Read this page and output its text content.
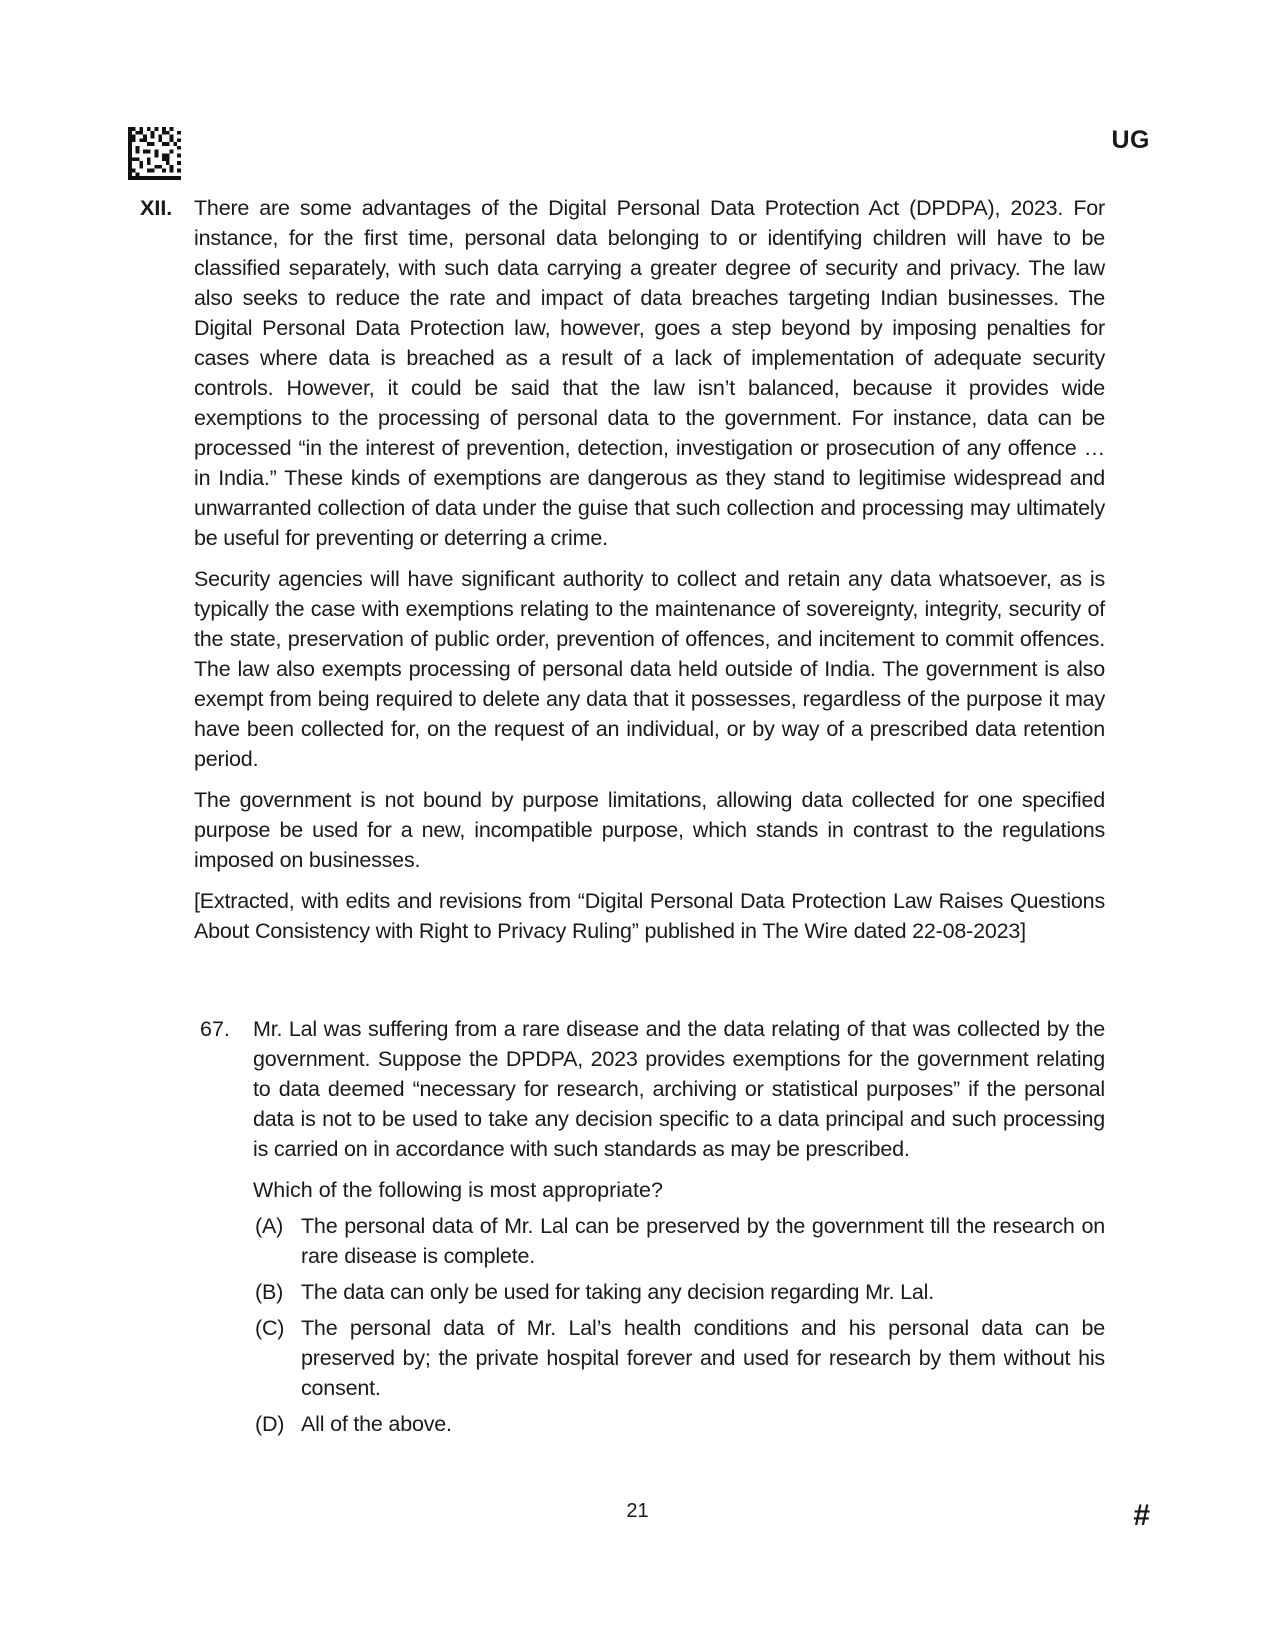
UG
XII. There are some advantages of the Digital Personal Data Protection Act (DPDPA), 2023. For instance, for the first time, personal data belonging to or identifying children will have to be classified separately, with such data carrying a greater degree of security and privacy. The law also seeks to reduce the rate and impact of data breaches targeting Indian businesses. The Digital Personal Data Protection law, however, goes a step beyond by imposing penalties for cases where data is breached as a result of a lack of implementation of adequate security controls. However, it could be said that the law isn’t balanced, because it provides wide exemptions to the processing of personal data to the government. For instance, data can be processed “in the interest of prevention, detection, investigation or prosecution of any offence … in India.” These kinds of exemptions are dangerous as they stand to legitimise widespread and unwarranted collection of data under the guise that such collection and processing may ultimately be useful for preventing or deterring a crime.

Security agencies will have significant authority to collect and retain any data whatsoever, as is typically the case with exemptions relating to the maintenance of sovereignty, integrity, security of the state, preservation of public order, prevention of offences, and incitement to commit offences. The law also exempts processing of personal data held outside of India. The government is also exempt from being required to delete any data that it possesses, regardless of the purpose it may have been collected for, on the request of an individual, or by way of a prescribed data retention period.

The government is not bound by purpose limitations, allowing data collected for one specified purpose be used for a new, incompatible purpose, which stands in contrast to the regulations imposed on businesses.

[Extracted, with edits and revisions from “Digital Personal Data Protection Law Raises Questions About Consistency with Right to Privacy Ruling” published in The Wire dated 22-08-2023]

67. Mr. Lal was suffering from a rare disease and the data relating of that was collected by the government. Suppose the DPDPA, 2023 provides exemptions for the government relating to data deemed “necessary for research, archiving or statistical purposes” if the personal data is not to be used to take any decision specific to a data principal and such processing is carried on in accordance with such standards as may be prescribed.

Which of the following is most appropriate?

(A) The personal data of Mr. Lal can be preserved by the government till the research on rare disease is complete.
(B) The data can only be used for taking any decision regarding Mr. Lal.
(C) The personal data of Mr. Lal’s health conditions and his personal data can be preserved by; the private hospital forever and used for research by them without his consent.
(D) All of the above.
21	#
